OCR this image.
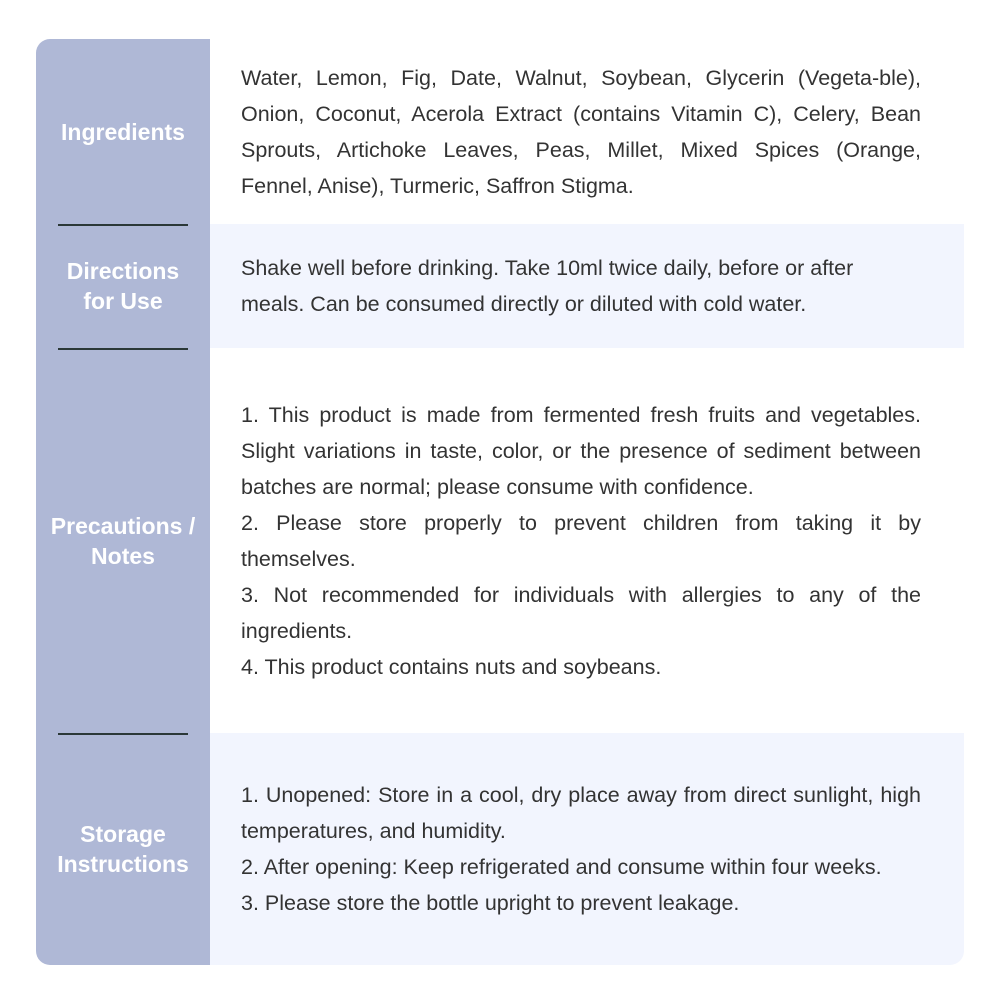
Ingredients

Water, Lemon, Fig, Date, Walnut, Soybean, Glycerin (Vegeta-ble), Onion, Coconut, Acerola Extract (contains Vitamin C), Celery, Bean Sprouts, Artichoke Leaves, Peas, Millet, Mixed Spices (Orange, Fennel, Anise), Turmeric, Saffron Stigma.

Directions for Use

Shake well before drinking. Take 10ml twice daily, before or after meals. Can be consumed directly or diluted with cold water.

Precautions / Notes

1. This product is made from fermented fresh fruits and vegetables. Slight variations in taste, color, or the presence of sediment between batches are normal; please consume with confidence.

2. Please store properly to prevent children from taking it by themselves.

3. Not recommended for individuals with allergies to any of the ingredients.

4. This product contains nuts and soybeans.

Storage Instructions

1. Unopened: Store in a cool, dry place away from direct sunlight, high temperatures, and humidity.

2. After opening: Keep refrigerated and consume within four weeks.

3. Please store the bottle upright to prevent leakage.
